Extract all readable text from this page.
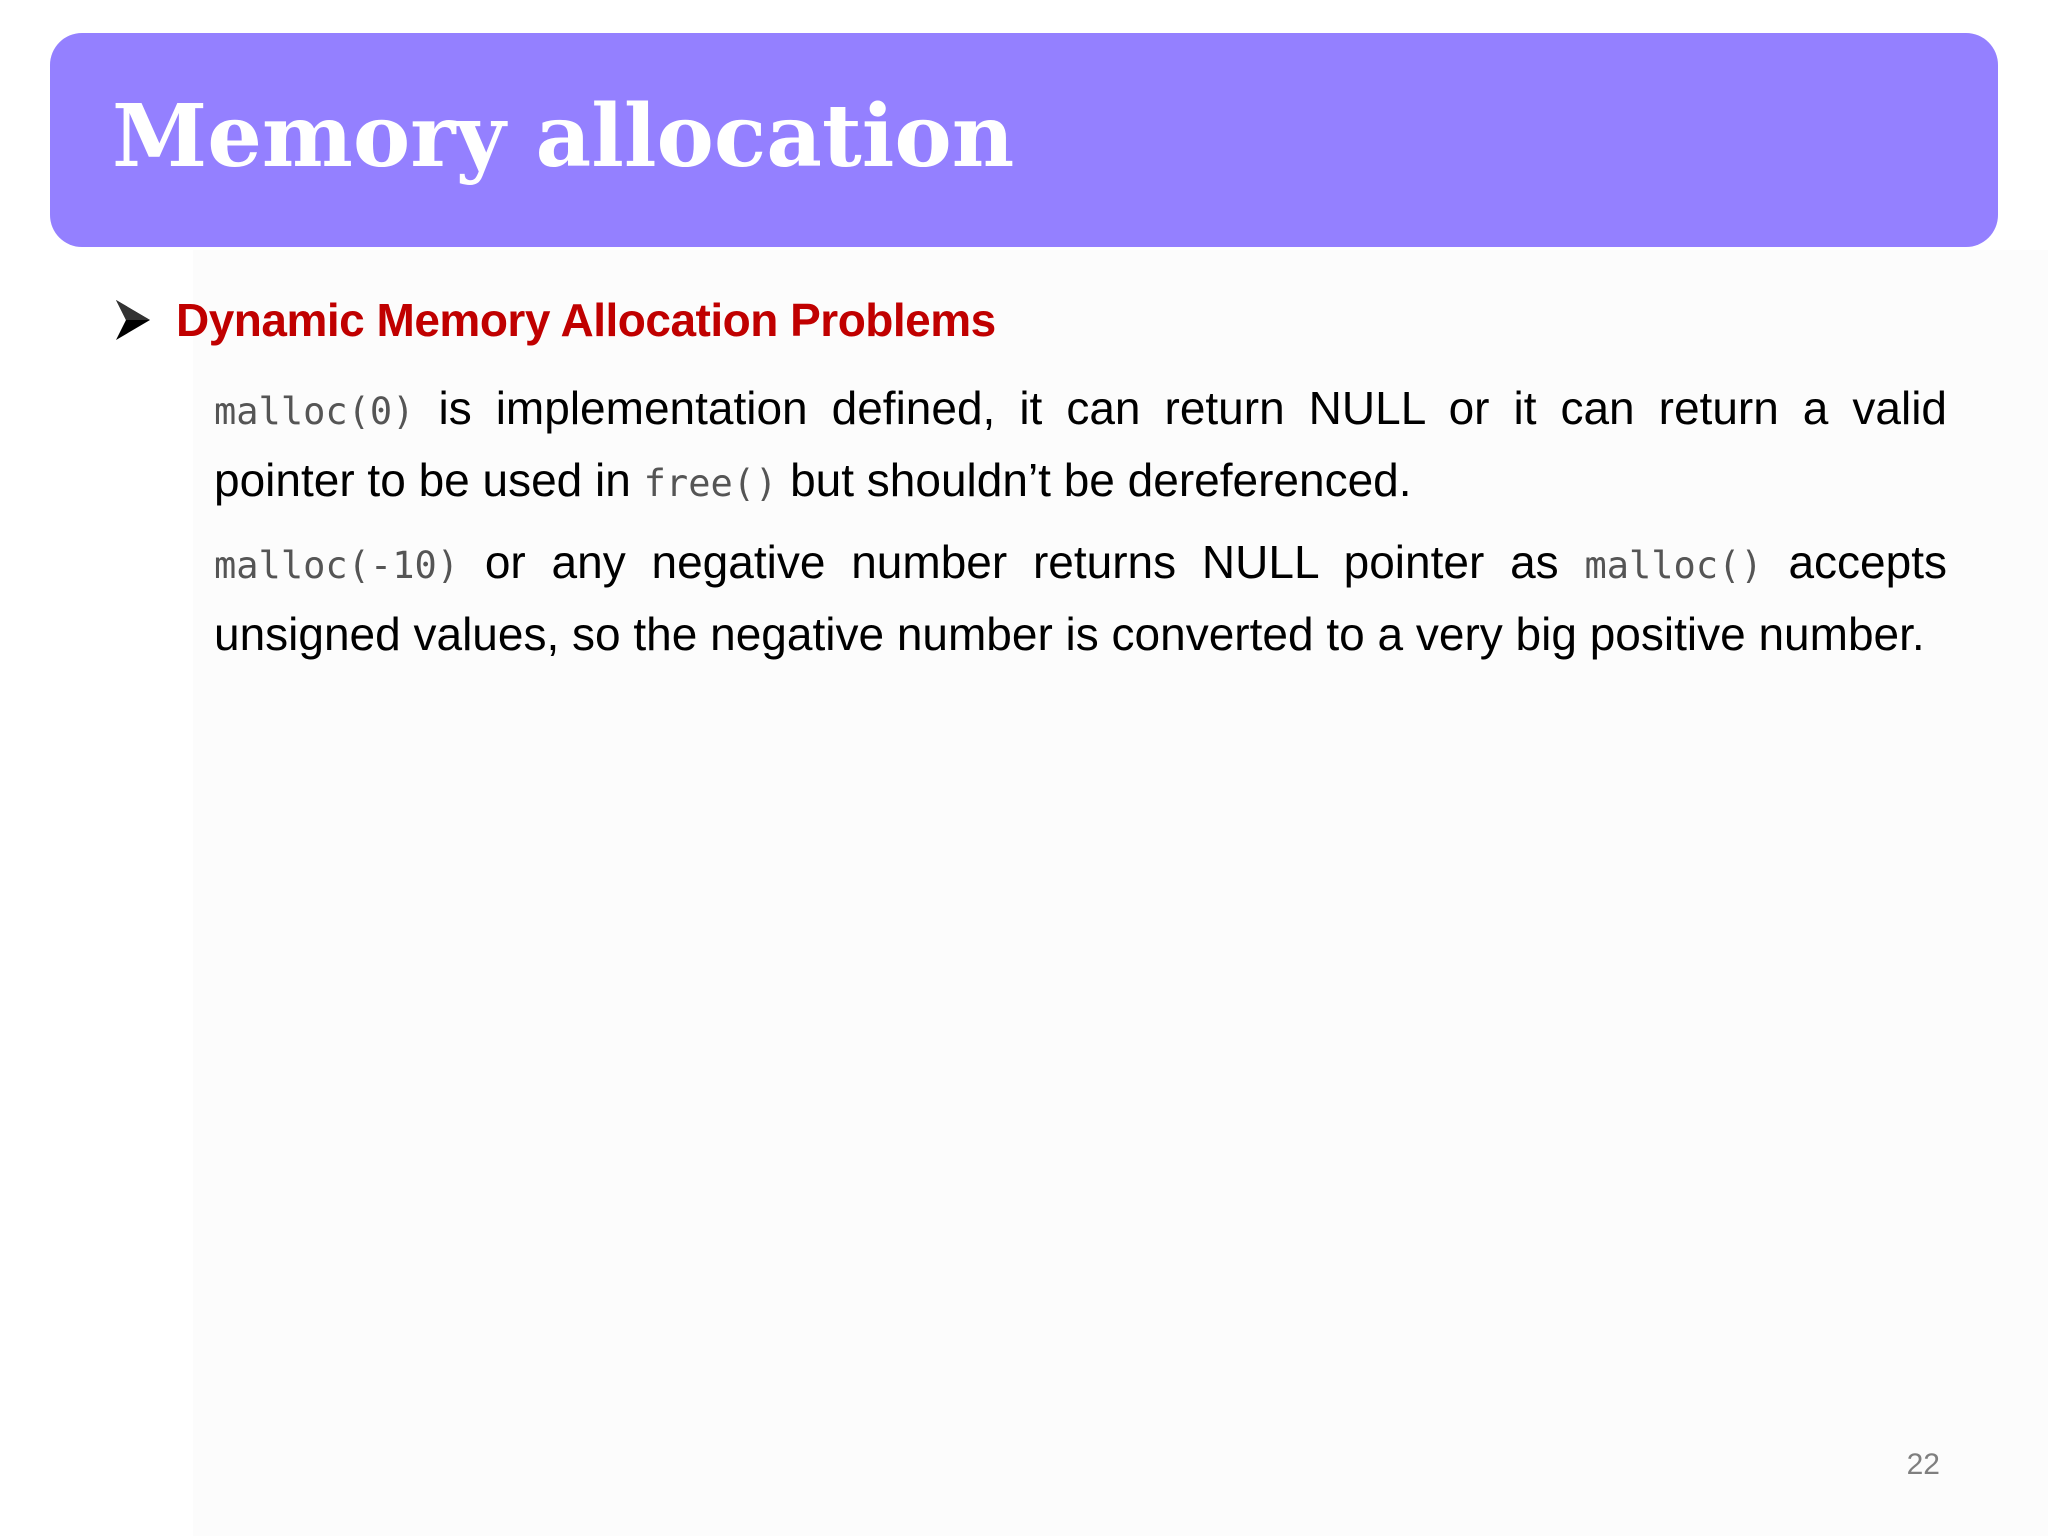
Memory allocation
Dynamic Memory Allocation Problems

malloc(0) is implementation defined, it can return NULL or it can return a valid pointer to be used in free() but shouldn’t be dereferenced.

malloc(-10) or any negative number returns NULL pointer as malloc() accepts unsigned values, so the negative number is converted to a very big positive number.

22
